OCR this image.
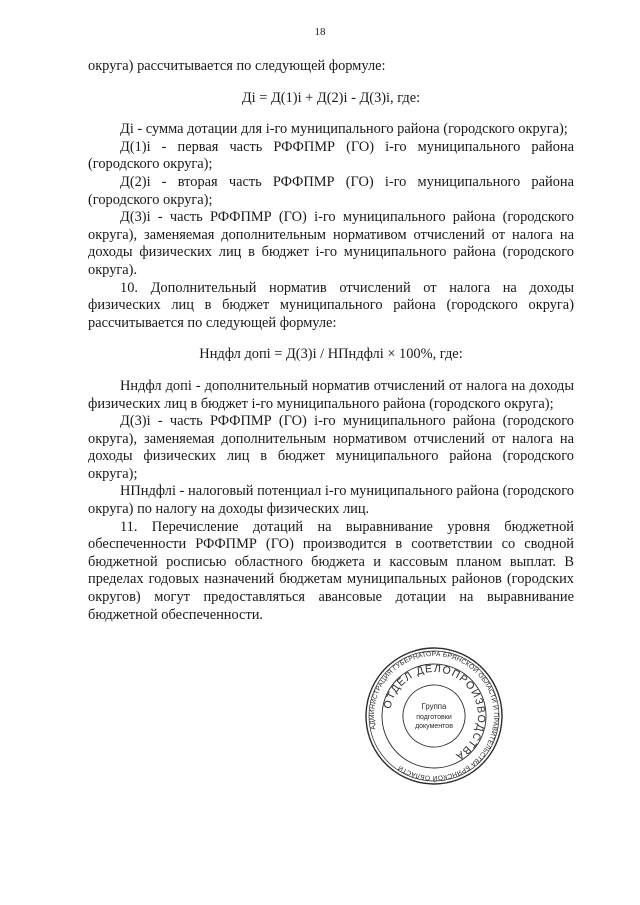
18

округа) рассчитывается по следующей формуле:

Дi = Д(1)i + Д(2)i - Д(3)i, где:

Дi - сумма дотации для i-го муниципального района (городского округа);

Д(1)i - первая часть РФФПМР (ГО) i-го муниципального района (городского округа);

Д(2)i - вторая часть РФФПМР (ГО) i-го муниципального района (городского округа);

Д(3)i - часть РФФПМР (ГО) i-го муниципального района (городского округа), заменяемая дополнительным нормативом отчислений от налога на доходы физических лиц в бюджет i-го муниципального района (городского округа).

10. Дополнительный норматив отчислений от налога на доходы физических лиц в бюджет муниципального района (городского округа) рассчитывается по следующей формуле:

Нндфл допi = Д(3)i / НПндфлi × 100%, где:

Нндфл допi - дополнительный норматив отчислений от налога на доходы физических лиц в бюджет i-го муниципального района (городского округа);

Д(3)i - часть РФФПМР (ГО) i-го муниципального района (городского округа), заменяемая дополнительным нормативом отчислений от налога на доходы физических лиц в бюджет муниципального района (городского округа);

НПндфлi - налоговый потенциал i-го муниципального района (городского округа) по налогу на доходы физических лиц.

11. Перечисление дотаций на выравнивание уровня бюджетной обеспеченности РФФПМР (ГО) производится в соответствии со сводной бюджетной росписью областного бюджета и кассовым планом выплат. В пределах годовых назначений бюджетам муниципальных районов (городских округов) могут предоставляться авансовые дотации на выравнивание бюджетной обеспеченности.

АДМИНИСТРАЦИЯ ГУБЕРНАТОРА БРЯНСКОЙ ОБЛАСТИ И ПРАВИТЕЛЬСТВА БРЯНСКОЙ ОБЛАСТИ
ОТДЕЛ ДЕЛОПРОИЗВОДСТВА
Группа
подготовки
документов
